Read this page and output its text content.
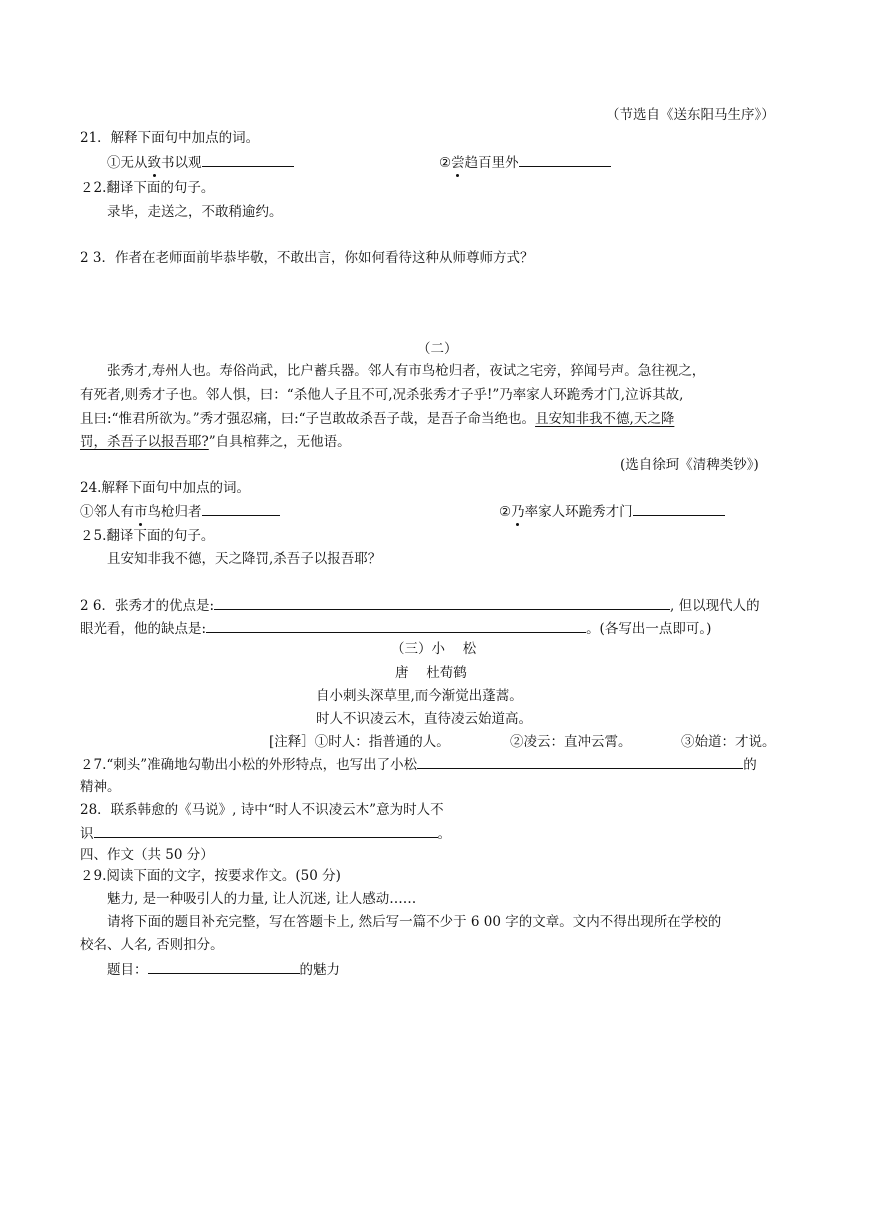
（节选自《送东阳马生序》）
21．解释下面句中加点的词。
①无从致书以观	②尝趋百里外
２2.翻译下面的句子。
录毕，走送之，不敢稍逾约。
2 3．作者在老师面前毕恭毕敬，不敢出言，你如何看待这种从师尊师方式？
（二）
张秀才,寿州人也。寿俗尚武，比户蓄兵器。邻人有市鸟枪归者，夜试之宅旁，猝闻号声。急往视之，
有死者,则秀才子也。邻人惧，曰：“杀他人子且不可,况杀张秀才子乎!”乃率家人环跪秀才门,泣诉其故,
且曰:“惟君所欲为。”秀才强忍痛，曰:“子岂敢故杀吾子哉，是吾子命当绝也。且安知非我不德,天之降
罚，杀吾子以报吾耶?”自具棺葬之，无他语。
(选自徐珂《清稗类钞》)
24.解释下面句中加点的词。
①邻人有市鸟枪归者	②乃率家人环跪秀才门
２5.翻译下面的句子。
且安知非我不德，天之降罚,杀吾子以报吾耶？
2 6．张秀才的优点是:	, 但以现代人的
眼光看，他的缺点是:	。(各写出一点即可。)
（三）小　 松
唐　 杜荀鹤
自小刺头深草里,而今渐觉出蓬蒿。
时人不识凌云木，直待凌云始道高。
[注释］①时人：指普通的人。	②凌云：直冲云霄。	③始道：才说。
２7.“刺头”准确地勾勒出小松的外形特点，也写出了小松	的
精神。
28．联系韩愈的《马说》, 诗中“时人不识凌云木”意为时人不
识	。
四、作文（共 50 分）
２9.阅读下面的文字，按要求作文。(50 分)
魅力, 是一种吸引人的力量, 让人沉迷, 让人感动……
请将下面的题目补充完整，写在答题卡上, 然后写一篇不少于 6 00 字的文章。文内不得出现所在学校的
校名、人名, 否则扣分。
题目：	的魅力
